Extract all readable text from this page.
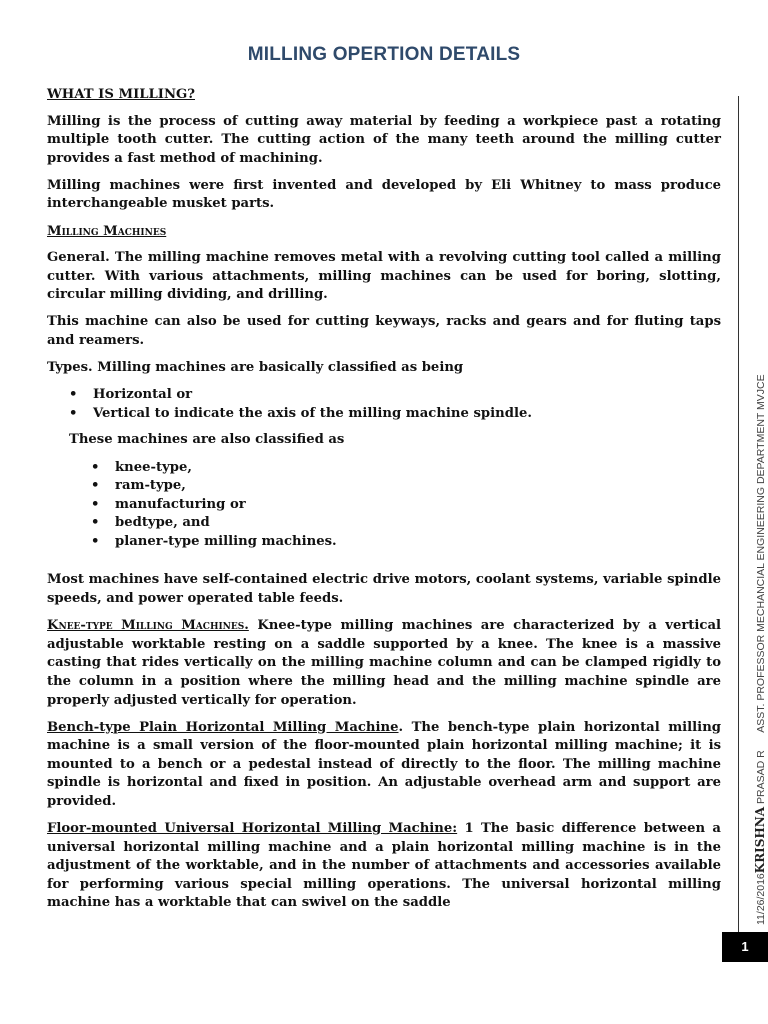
MILLING OPERTION DETAILS
WHAT IS MILLING?

Milling is the process of cutting away material by feeding a workpiece past a rotating multiple tooth cutter. The cutting action of the many teeth around the milling cutter provides a fast method of machining.

Milling machines were first invented and developed by Eli Whitney to mass produce interchangeable musket parts.

Milling Machines

General. The milling machine removes metal with a revolving cutting tool called a milling cutter. With various attachments, milling machines can be used for boring, slotting, circular milling dividing, and drilling.

This machine can also be used for cutting keyways, racks and gears and for fluting taps and reamers.

Types. Milling machines are basically classified as being

• Horizontal or
• Vertical to indicate the axis of the milling machine spindle.

These machines are also classified as

• knee-type,
• ram-type,
• manufacturing or
• bedtype, and
• planer-type milling machines.

Most machines have self-contained electric drive motors, coolant systems, variable spindle speeds, and power operated table feeds.

Knee-type Milling Machines. Knee-type milling machines are characterized by a vertical adjustable worktable resting on a saddle supported by a knee. The knee is a massive casting that rides vertically on the milling machine column and can be clamped rigidly to the column in a position where the milling head and the milling machine spindle are properly adjusted vertically for operation.

Bench-type Plain Horizontal Milling Machine. The bench-type plain horizontal milling machine is a small version of the floor-mounted plain horizontal milling machine; it is mounted to a bench or a pedestal instead of directly to the floor. The milling machine spindle is horizontal and fixed in position. An adjustable overhead arm and support are provided.

Floor-mounted Universal Horizontal Milling Machine: 1 The basic difference between a universal horizontal milling machine and a plain horizontal milling machine is in the adjustment of the worktable, and in the number of attachments and accessories available for performing various special milling operations. The universal horizontal milling machine has a worktable that can swivel on the saddle	11/26/2016KRISHNA PRASAD R      ASST. PROFESSOR MECHANCIAL ENGINEERING DEPARTMENT MVJCE
1
